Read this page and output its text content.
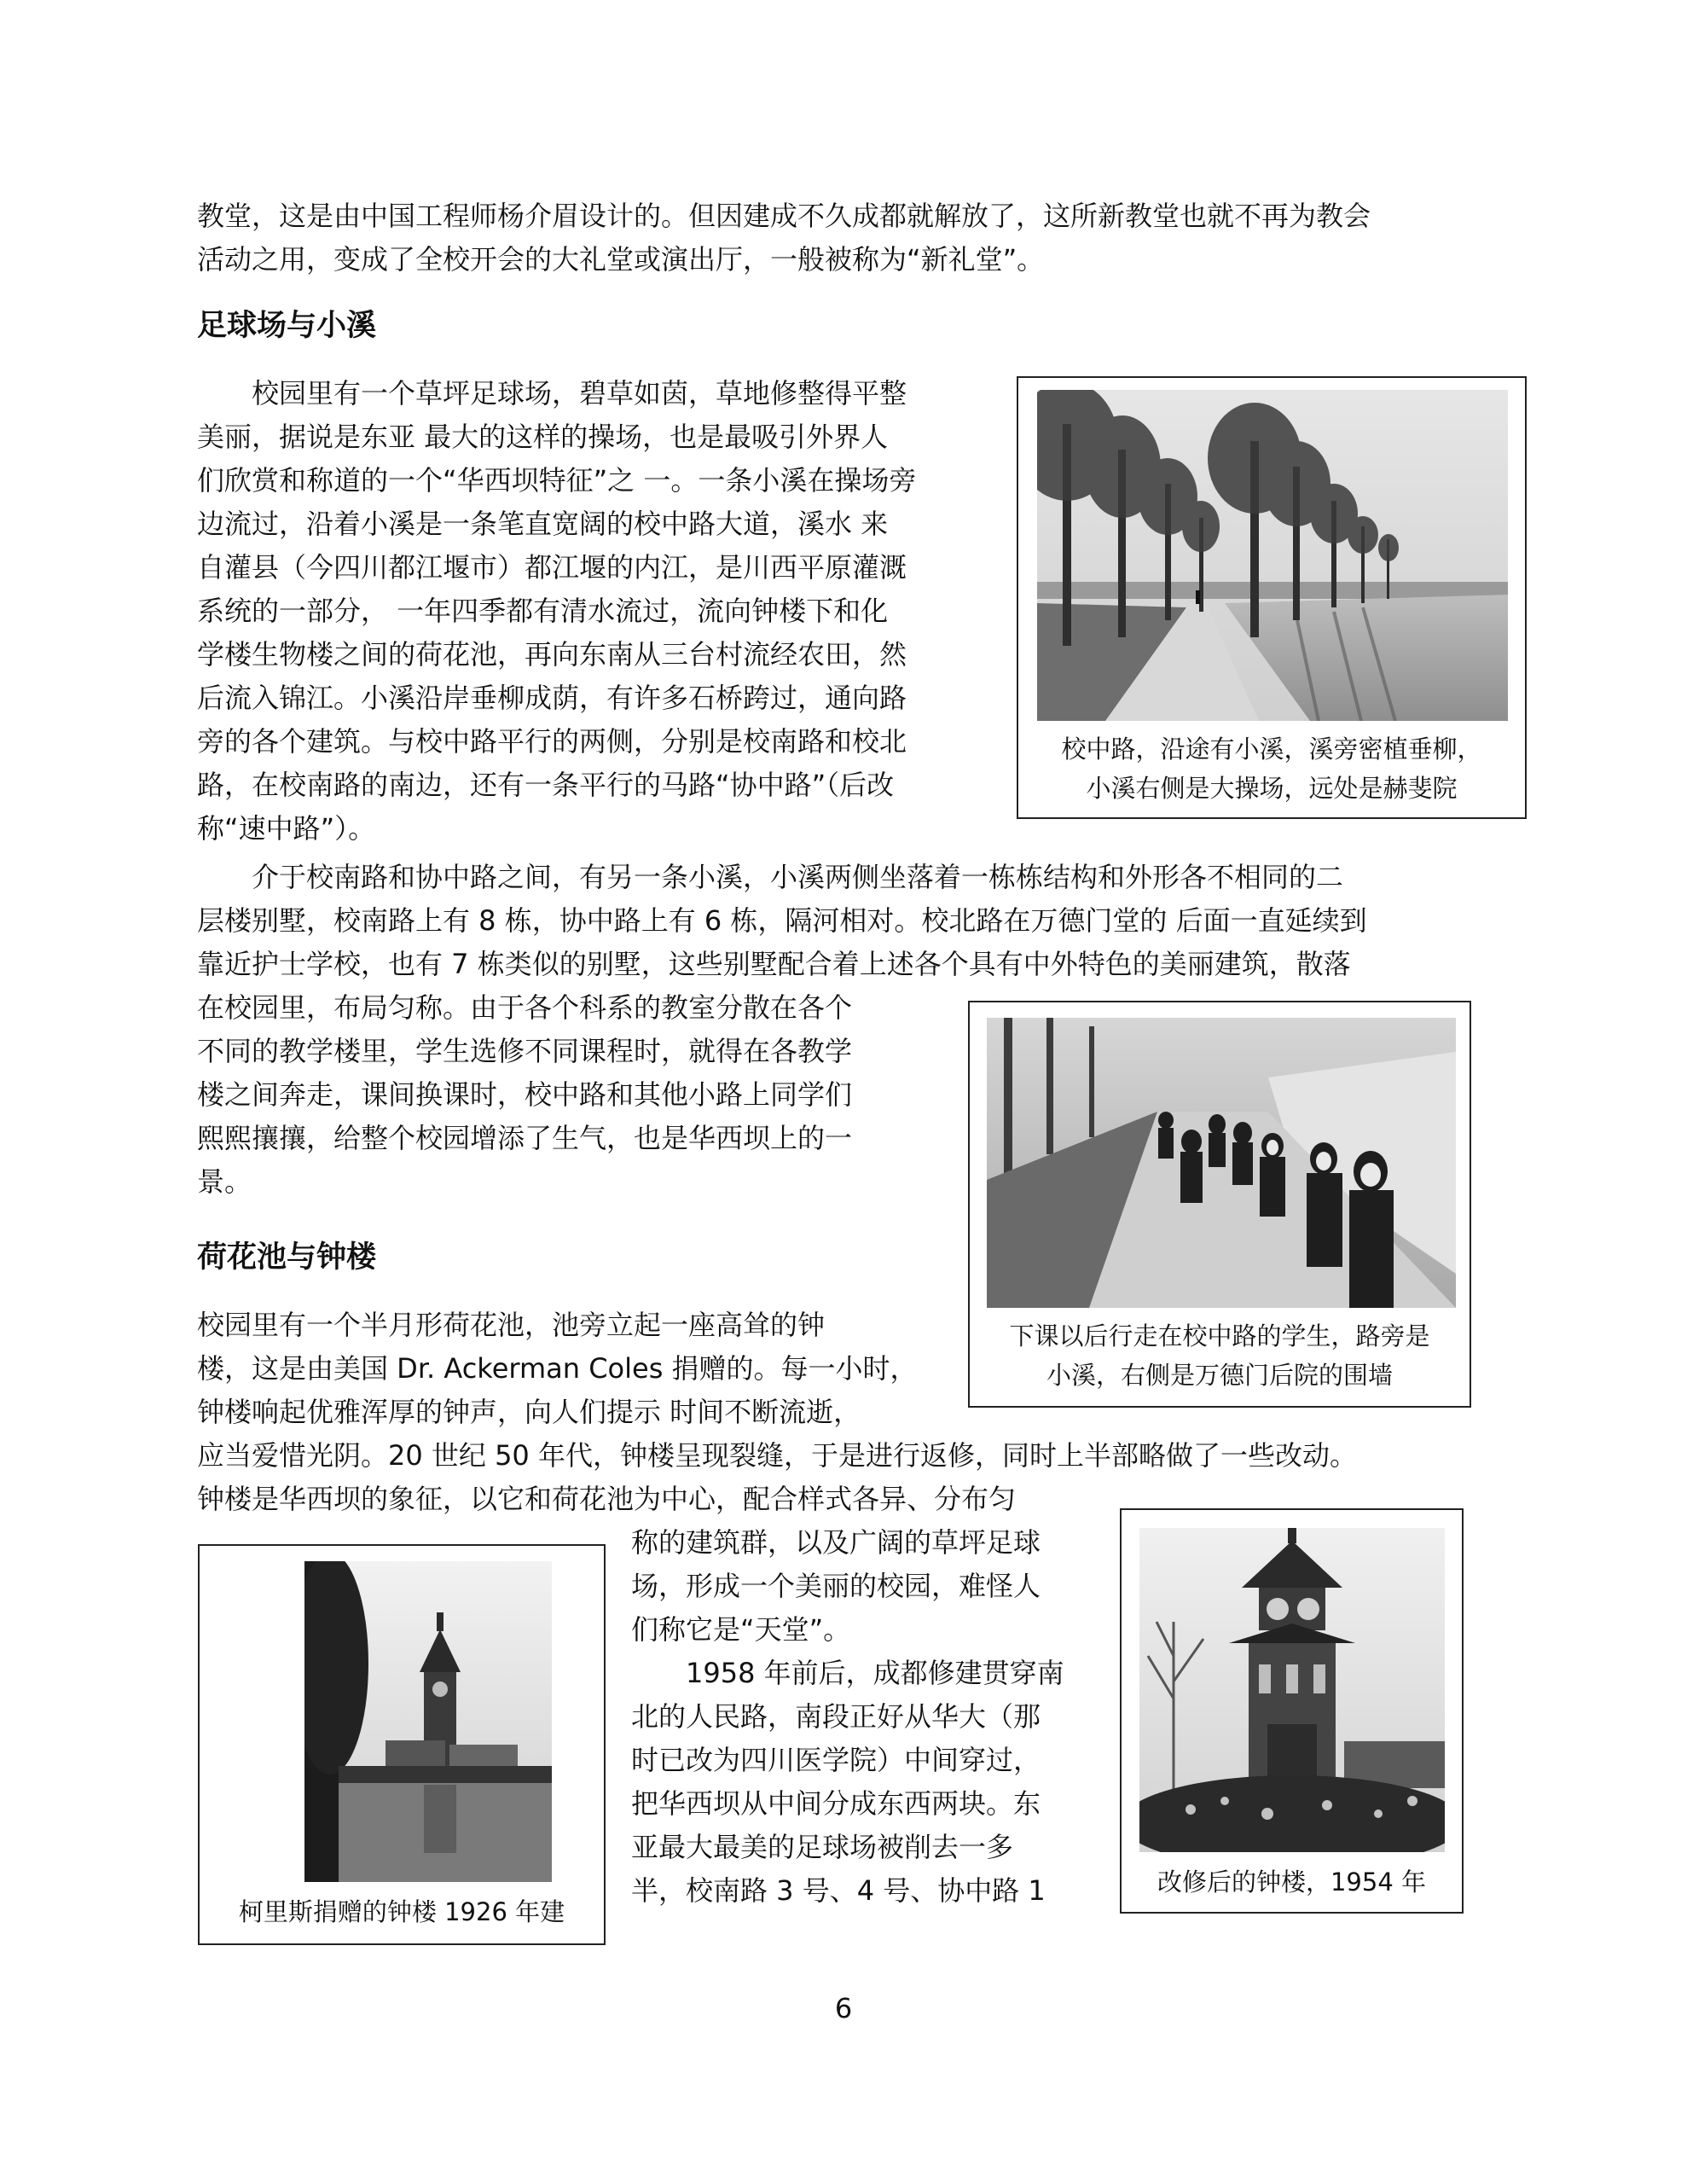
教堂，这是由中国工程师杨介眉设计的。但因建成不久成都就解放了，这所新教堂也就不再为教会
活动之用，变成了全校开会的大礼堂或演出厅，一般被称为“新礼堂”。
足球场与小溪
校园里有一个草坪足球场，碧草如茵，草地修整得平整
美丽，据说是东亚 最大的这样的操场，也是最吸引外界人
们欣赏和称道的一个“华西坝特征”之 一。一条小溪在操场旁
边流过，沿着小溪是一条笔直宽阔的校中路大道，溪水 来
自灌县（今四川都江堰市）都江堰的内江，是川西平原灌溉
系统的一部分， 一年四季都有清水流过，流向钟楼下和化
学楼生物楼之间的荷花池，再向东南从三台村流经农田，然
后流入锦江。小溪沿岸垂柳成荫，有许多石桥跨过，通向路
旁的各个建筑。与校中路平行的两侧，分别是校南路和校北
路，在校南路的南边，还有一条平行的马路“协中路”（后改
称“速中路”）。
校中路，沿途有小溪，溪旁密植垂柳，
小溪右侧是大操场，远处是赫斐院
介于校南路和协中路之间，有另一条小溪，小溪两侧坐落着一栋栋结构和外形各不相同的二
层楼别墅，校南路上有 8 栋，协中路上有 6 栋，隔河相对。校北路在万德门堂的 后面一直延续到
靠近护士学校，也有 7 栋类似的别墅，这些别墅配合着上述各个具有中外特色的美丽建筑，散落
在校园里，布局匀称。由于各个科系的教室分散在各个
不同的教学楼里，学生选修不同课程时，就得在各教学
楼之间奔走，课间换课时，校中路和其他小路上同学们
熙熙攘攘，给整个校园增添了生气，也是华西坝上的一
景。
下课以后行走在校中路的学生，路旁是
小溪，右侧是万德门后院的围墙
荷花池与钟楼
校园里有一个半月形荷花池，池旁立起一座高耸的钟
楼，这是由美国 Dr. Ackerman Coles 捐赠的。每一小时，
钟楼响起优雅浑厚的钟声，向人们提示 时间不断流逝，
应当爱惜光阴。20 世纪 50 年代，钟楼呈现裂缝，于是进行返修，同时上半部略做了一些改动。
钟楼是华西坝的象征，以它和荷花池为中心，配合样式各异、分布匀
称的建筑群，以及广阔的草坪足球
场，形成一个美丽的校园，难怪人
们称它是“天堂”。
1958 年前后，成都修建贯穿南
北的人民路，南段正好从华大（那
时已改为四川医学院）中间穿过，
把华西坝从中间分成东西两块。东
亚最大最美的足球场被削去一多
半，校南路 3 号、4 号、协中路 1
柯里斯捐赠的钟楼 1926 年建
改修后的钟楼，1954 年
6
